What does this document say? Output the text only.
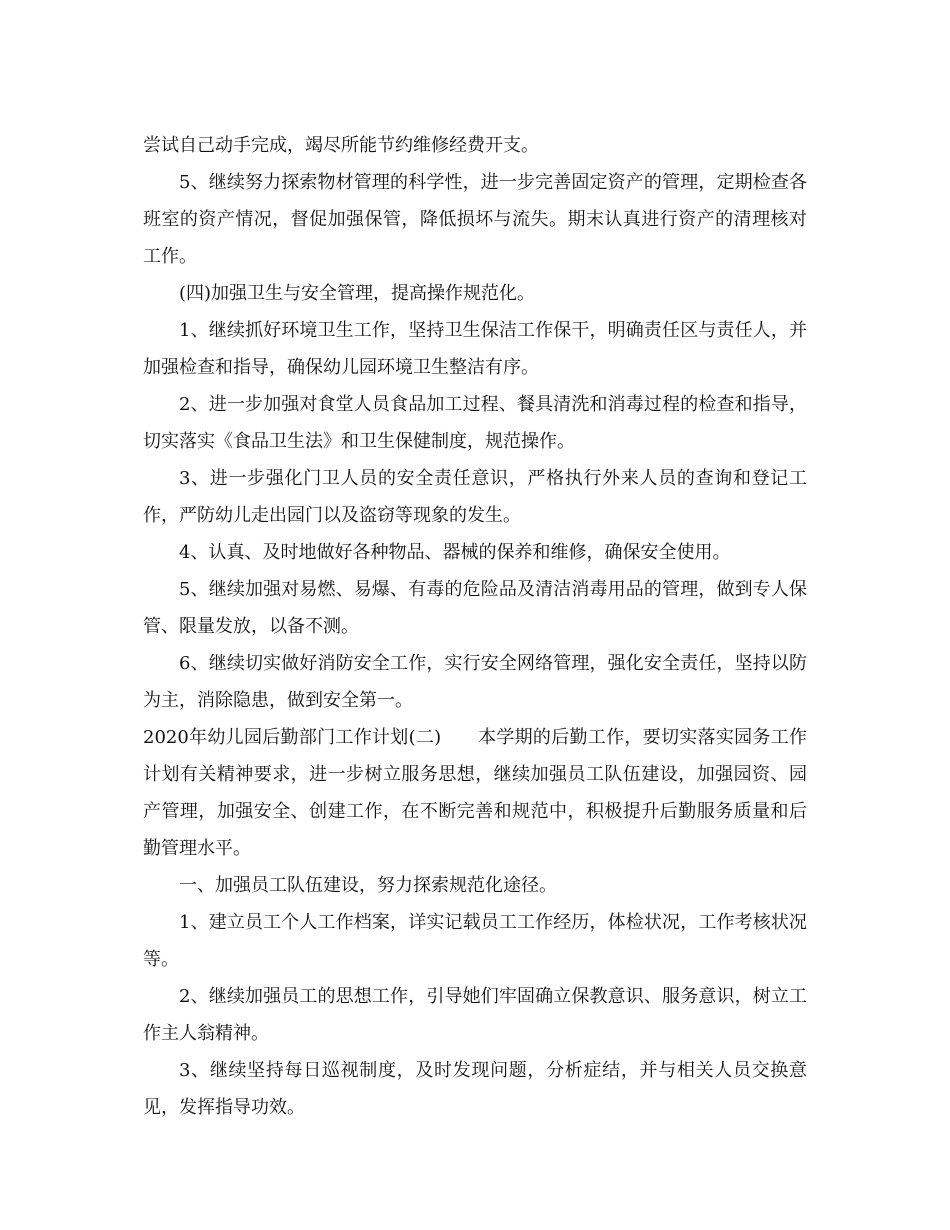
尝试自己动手完成，竭尽所能节约维修经费开支。

5、继续努力探索物材管理的科学性，进一步完善固定资产的管理，定期检查各班室的资产情况，督促加强保管，降低损坏与流失。期末认真进行资产的清理核对工作。

(四)加强卫生与安全管理，提高操作规范化。

1、继续抓好环境卫生工作，坚持卫生保洁工作保干，明确责任区与责任人，并加强检查和指导，确保幼儿园环境卫生整洁有序。

2、进一步加强对食堂人员食品加工过程、餐具清洗和消毒过程的检查和指导，切实落实《食品卫生法》和卫生保健制度，规范操作。

3、进一步强化门卫人员的安全责任意识，严格执行外来人员的查询和登记工作，严防幼儿走出园门以及盗窃等现象的发生。

4、认真、及时地做好各种物品、器械的保养和维修，确保安全使用。

5、继续加强对易燃、易爆、有毒的危险品及清洁消毒用品的管理，做到专人保管、限量发放，以备不测。

6、继续切实做好消防安全工作，实行安全网络管理，强化安全责任，坚持以防为主，消除隐患，做到安全第一。

2020年幼儿园后勤部门工作计划(二)　　本学期的后勤工作，要切实落实园务工作计划有关精神要求，进一步树立服务思想，继续加强员工队伍建设，加强园资、园产管理，加强安全、创建工作，在不断完善和规范中，积极提升后勤服务质量和后勤管理水平。

一、加强员工队伍建设，努力探索规范化途径。

1、建立员工个人工作档案，详实记载员工工作经历，体检状况，工作考核状况等。

2、继续加强员工的思想工作，引导她们牢固确立保教意识、服务意识，树立工作主人翁精神。

3、继续坚持每日巡视制度，及时发现问题，分析症结，并与相关人员交换意见，发挥指导功效。
